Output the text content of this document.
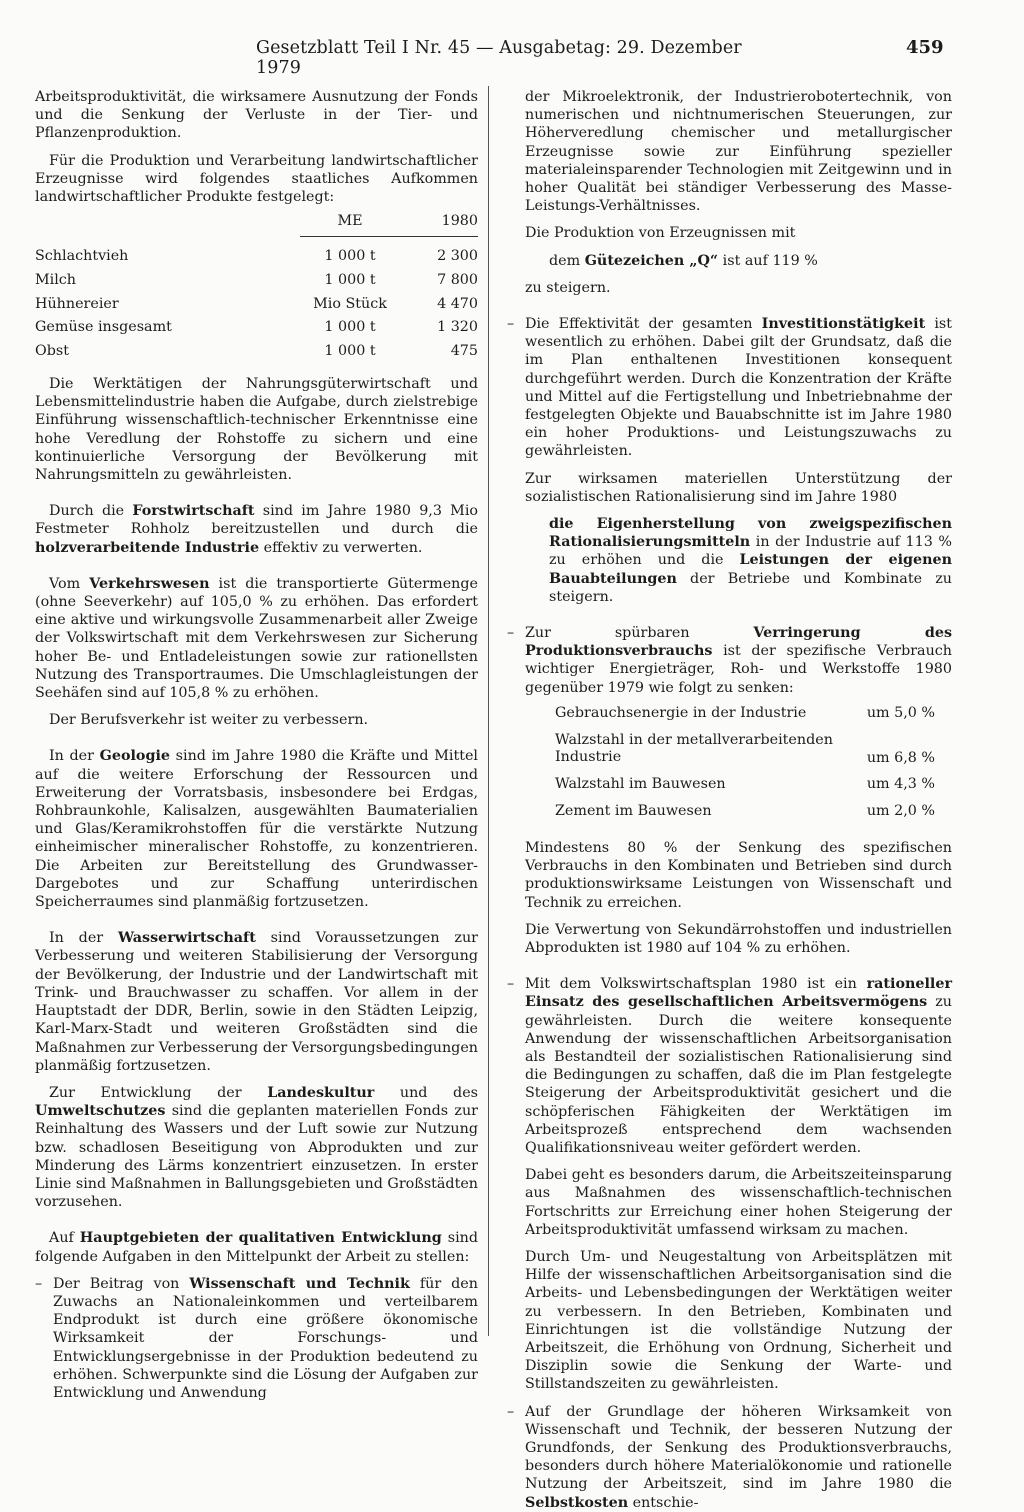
Gesetzblatt Teil I Nr. 45 — Ausgabetag: 29. Dezember 1979
459

Arbeitsproduktivität, die wirksamere Ausnutzung der Fonds und die Senkung der Verluste in der Tier- und Pflanzenproduktion.

Für die Produktion und Verarbeitung landwirtschaftlicher Erzeugnisse wird folgendes staatliches Aufkommen landwirtschaftlicher Produkte festgelegt:

	ME	1980

Schlachtvieh	1 000 t	2 300
Milch	1 000 t	7 800
Hühnereier	Mio Stück	4 470
Gemüse insgesamt	1 000 t	1 320
Obst	1 000 t	475

Die Werktätigen der Nahrungsgüterwirtschaft und Lebensmittelindustrie haben die Aufgabe, durch zielstrebige Einführung wissenschaftlich-technischer Erkenntnisse eine hohe Veredlung der Rohstoffe zu sichern und eine kontinuierliche Versorgung der Bevölkerung mit Nahrungsmitteln zu gewährleisten.

Durch die Forstwirtschaft sind im Jahre 1980 9,3 Mio Festmeter Rohholz bereitzustellen und durch die holzverarbeitende Industrie effektiv zu verwerten.

Vom Verkehrswesen ist die transportierte Gütermenge (ohne Seeverkehr) auf 105,0 % zu erhöhen. Das erfordert eine aktive und wirkungsvolle Zusammenarbeit aller Zweige der Volkswirtschaft mit dem Verkehrswesen zur Sicherung hoher Be- und Entladeleistungen sowie zur rationellsten Nutzung des Transportraumes. Die Umschlagleistungen der Seehäfen sind auf 105,8 % zu erhöhen.

Der Berufsverkehr ist weiter zu verbessern.

In der Geologie sind im Jahre 1980 die Kräfte und Mittel auf die weitere Erforschung der Ressourcen und Erweiterung der Vorratsbasis, insbesondere bei Erdgas, Rohbraunkohle, Kalisalzen, ausgewählten Baumaterialien und Glas/Keramikrohstoffen für die verstärkte Nutzung einheimischer mineralischer Rohstoffe, zu konzentrieren. Die Arbeiten zur Bereitstellung des Grundwasser-Dargebotes und zur Schaffung unterirdischen Speicherraumes sind planmäßig fortzusetzen.

In der Wasserwirtschaft sind Voraussetzungen zur Verbesserung und weiteren Stabilisierung der Versorgung der Bevölkerung, der Industrie und der Landwirtschaft mit Trink- und Brauchwasser zu schaffen. Vor allem in der Hauptstadt der DDR, Berlin, sowie in den Städten Leipzig, Karl-Marx-Stadt und weiteren Großstädten sind die Maßnahmen zur Verbesserung der Versorgungsbedingungen planmäßig fortzusetzen.

Zur Entwicklung der Landeskultur und des Umweltschutzes sind die geplanten materiellen Fonds zur Reinhaltung des Wassers und der Luft sowie zur Nutzung bzw. schadlosen Beseitigung von Abprodukten und zur Minderung des Lärms konzentriert einzusetzen. In erster Linie sind Maßnahmen in Ballungsgebieten und Großstädten vorzusehen.

Auf Hauptgebieten der qualitativen Entwicklung sind folgende Aufgaben in den Mittelpunkt der Arbeit zu stellen:

– Der Beitrag von Wissenschaft und Technik für den Zuwachs an Nationaleinkommen und verteilbarem Endprodukt ist durch eine größere ökonomische Wirksamkeit der Forschungs- und Entwicklungsergebnisse in der Produktion bedeutend zu erhöhen. Schwerpunkte sind die Lösung der Aufgaben zur Entwicklung und Anwendung

der Mikroelektronik, der Industrierobotertechnik, von numerischen und nichtnumerischen Steuerungen, zur Höherveredlung chemischer und metallurgischer Erzeugnisse sowie zur Einführung spezieller materialeinsparender Technologien mit Zeitgewinn und in hoher Qualität bei ständiger Verbesserung des Masse-Leistungs-Verhältnisses.

Die Produktion von Erzeugnissen mit

dem Gütezeichen „Q“ ist auf 119 %

zu steigern.

– Die Effektivität der gesamten Investitionstätigkeit ist wesentlich zu erhöhen. Dabei gilt der Grundsatz, daß die im Plan enthaltenen Investitionen konsequent durchgeführt werden. Durch die Konzentration der Kräfte und Mittel auf die Fertigstellung und Inbetriebnahme der festgelegten Objekte und Bauabschnitte ist im Jahre 1980 ein hoher Produktions- und Leistungszuwachs zu gewährleisten.

Zur wirksamen materiellen Unterstützung der sozialistischen Rationalisierung sind im Jahre 1980

die Eigenherstellung von zweigspezifischen Rationalisierungsmitteln in der Industrie auf 113 % zu erhöhen und die Leistungen der eigenen Bauabteilungen der Betriebe und Kombinate zu steigern.

– Zur spürbaren Verringerung des Produktionsverbrauchs ist der spezifische Verbrauch wichtiger Energieträger, Roh- und Werkstoffe 1980 gegenüber 1979 wie folgt zu senken:
Gebrauchsenergie in der Industrie	um 5,0 %
Walzstahl in der metallverarbeitenden Industrie	um 6,8 %
Walzstahl im Bauwesen	um 4,3 %
Zement im Bauwesen	um 2,0 %

Mindestens 80 % der Senkung des spezifischen Verbrauchs in den Kombinaten und Betrieben sind durch produktionswirksame Leistungen von Wissenschaft und Technik zu erreichen.

Die Verwertung von Sekundärrohstoffen und industriellen Abprodukten ist 1980 auf 104 % zu erhöhen.

– Mit dem Volkswirtschaftsplan 1980 ist ein rationeller Einsatz des gesellschaftlichen Arbeitsvermögens zu gewährleisten. Durch die weitere konsequente Anwendung der wissenschaftlichen Arbeitsorganisation als Bestandteil der sozialistischen Rationalisierung sind die Bedingungen zu schaffen, daß die im Plan festgelegte Steigerung der Arbeitsproduktivität gesichert und die schöpferischen Fähigkeiten der Werktätigen im Arbeitsprozeß entsprechend dem wachsenden Qualifikationsniveau weiter gefördert werden.

Dabei geht es besonders darum, die Arbeitszeiteinsparung aus Maßnahmen des wissenschaftlich-technischen Fortschritts zur Erreichung einer hohen Steigerung der Arbeitsproduktivität umfassend wirksam zu machen.

Durch Um- und Neugestaltung von Arbeitsplätzen mit Hilfe der wissenschaftlichen Arbeitsorganisation sind die Arbeits- und Lebensbedingungen der Werktätigen weiter zu verbessern. In den Betrieben, Kombinaten und Einrichtungen ist die vollständige Nutzung der Arbeitszeit, die Erhöhung von Ordnung, Sicherheit und Disziplin sowie die Senkung der Warte- und Stillstandszeiten zu gewährleisten.

– Auf der Grundlage der höheren Wirksamkeit von Wissenschaft und Technik, der besseren Nutzung der Grundfonds, der Senkung des Produktionsverbrauchs, besonders durch höhere Materialökonomie und rationelle Nutzung der Arbeitszeit, sind im Jahre 1980 die Selbstkosten entschie-
